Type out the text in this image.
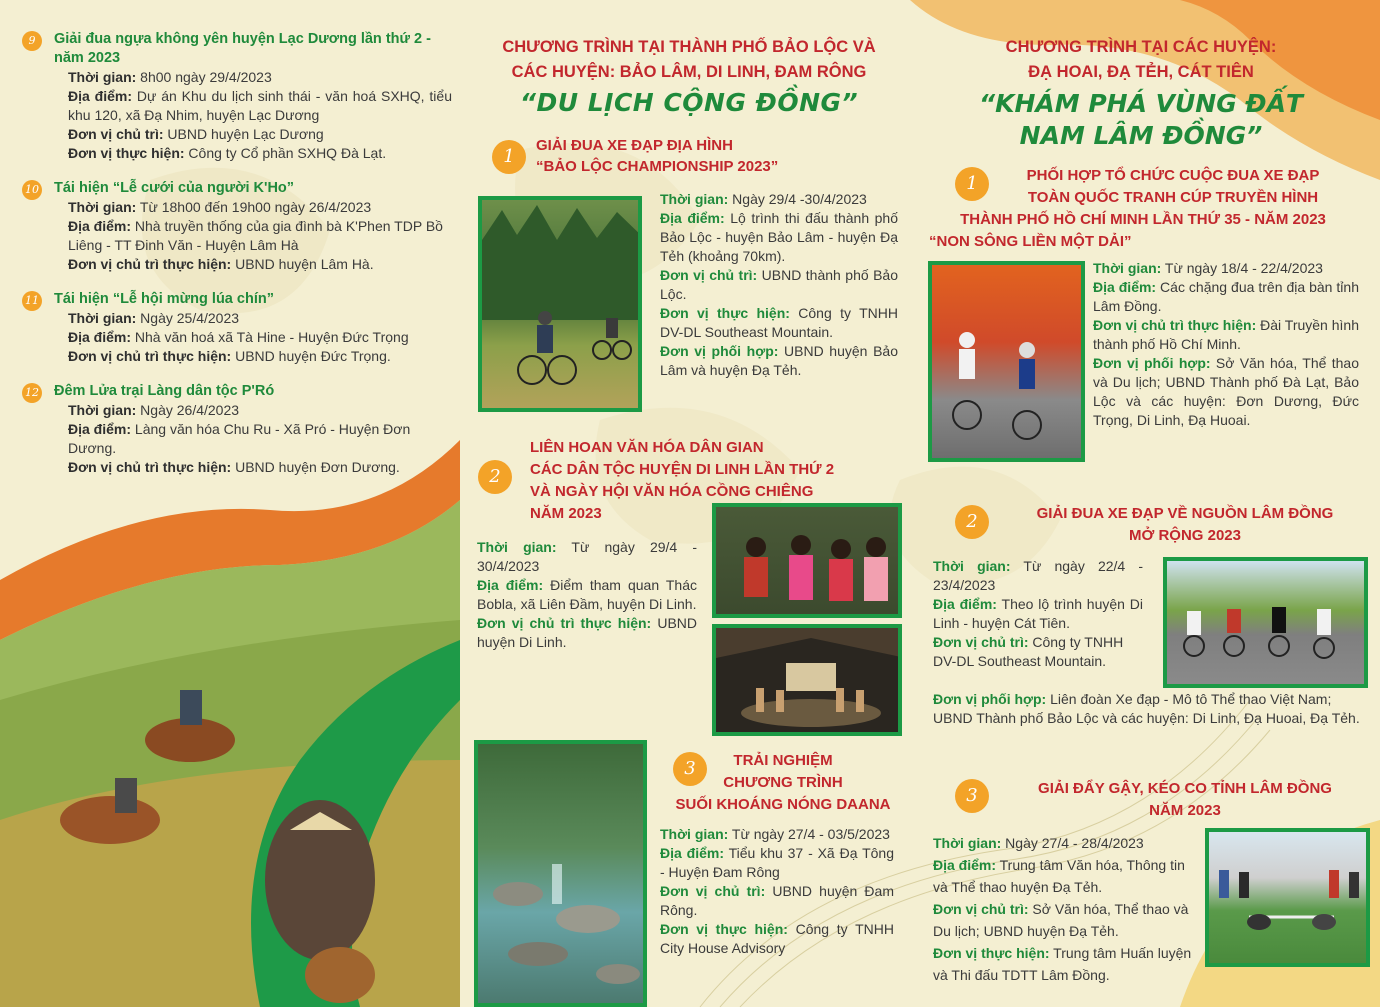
9	Giải đua ngựa không yên huyện Lạc Dương lần thứ 2 - năm 2023
Thời gian: 8h00 ngày 29/4/2023
Địa điểm: Dự án Khu du lịch sinh thái - văn hoá SXHQ, tiểu khu 120, xã Đạ Nhim, huyện Lạc Dương
Đơn vị chủ trì: UBND huyện Lạc Dương
Đơn vị thực hiện: Công ty Cổ phần SXHQ Đà Lạt.
10	Tái hiện “Lễ cưới của người K'Ho”
Thời gian: Từ 18h00 đến 19h00 ngày 26/4/2023
Địa điểm: Nhà truyền thống của gia đình bà K'Phen TDP Bồ Liêng - TT Đinh Văn - Huyện Lâm Hà
Đơn vị chủ trì thực hiện: UBND huyện Lâm Hà.
11	Tái hiện “Lễ hội mừng lúa chín”
Thời gian: Ngày 25/4/2023
Địa điểm: Nhà văn hoá xã Tà Hine - Huyện Đức Trọng
Đơn vị chủ trì thực hiện: UBND huyện Đức Trọng.
12	Đêm Lửa trại Làng dân tộc P'Ró
Thời gian: Ngày 26/4/2023
Địa điểm: Làng văn hóa Chu Ru - Xã Pró - Huyện Đơn Dương.
Đơn vị chủ trì thực hiện: UBND huyện Đơn Dương.
CHƯƠNG TRÌNH TẠI THÀNH PHỐ BẢO LỘC VÀ
CÁC HUYỆN: BẢO LÂM, DI LINH, ĐAM RÔNG
“DU LỊCH CỘNG ĐỒNG”
1
GIẢI ĐUA XE ĐẠP ĐỊA HÌNH
“BẢO LỘC CHAMPIONSHIP 2023”
Thời gian: Ngày 29/4 -30/4/2023
Địa điểm: Lộ trình thi đấu thành phố Bảo Lộc - huyện Bảo Lâm - huyện Đạ Tẻh (khoảng 70km).
Đơn vị chủ trì: UBND thành phố Bảo Lộc.
Đơn vị thực hiện: Công ty TNHH DV-DL Southeast Mountain.
Đơn vị phối hợp: UBND huyện Bảo Lâm và huyện Đạ Tẻh.
2
LIÊN HOAN VĂN HÓA DÂN GIAN
CÁC DÂN TỘC HUYỆN DI LINH LẦN THỨ 2
VÀ NGÀY HỘI VĂN HÓA CỒNG CHIÊNG
NĂM 2023
Thời gian: Từ ngày 29/4 - 30/4/2023
Địa điểm: Điểm tham quan Thác Bobla, xã Liên Đầm, huyện Di Linh.
Đơn vị chủ trì thực hiện: UBND huyện Di Linh.
3	TRẢI NGHIỆM
CHƯƠNG TRÌNH
SUỐI KHOÁNG NÓNG DAANA
Thời gian: Từ ngày 27/4 - 03/5/2023
Địa điểm: Tiểu khu 37 - Xã Đạ Tông - Huyện Đam Rông
Đơn vị chủ trì: UBND huyện Đam Rông.
Đơn vị thực hiện: Công ty TNHH City House Advisory
CHƯƠNG TRÌNH TẠI CÁC HUYỆN:
ĐẠ HOAI, ĐẠ TẺH, CÁT TIÊN
“KHÁM PHÁ VÙNG ĐẤT
NAM LÂM ĐỒNG”
1	PHỐI HỢP TỔ CHỨC CUỘC ĐUA XE ĐẠP
TOÀN QUỐC TRANH CÚP TRUYỀN HÌNH
THÀNH PHỐ HỒ CHÍ MINH LẦN THỨ 35 - NĂM 2023
“NON SÔNG LIỀN MỘT DẢI”
Thời gian: Từ ngày 18/4 - 22/4/2023
Địa điểm: Các chặng đua trên địa bàn tỉnh Lâm Đồng.
Đơn vị chủ trì thực hiện: Đài Truyền hình thành phố Hồ Chí Minh.
Đơn vị phối hợp: Sở Văn hóa, Thể thao và Du lịch; UBND Thành phố Đà Lạt, Bảo Lộc và các huyện: Đơn Dương, Đức Trọng, Di Linh, Đạ Huoai.
2	GIẢI ĐUA XE ĐẠP VỀ NGUỒN LÂM ĐỒNG
MỞ RỘNG 2023
Thời gian: Từ ngày 22/4 - 23/4/2023
Địa điểm: Theo lộ trình huyện Di Linh - huyện Cát Tiên.
Đơn vị chủ trì: Công ty TNHH DV-DL Southeast Mountain.
Đơn vị phối hợp: Liên đoàn Xe đạp - Mô tô Thể thao Việt Nam; UBND Thành phố Bảo Lộc và các huyện: Di Linh, Đạ Huoai, Đạ Tẻh.
3	GIẢI ĐẨY GẬY, KÉO CO TỈNH LÂM ĐỒNG
NĂM 2023
Thời gian: Ngày 27/4 - 28/4/2023
Địa điểm: Trung tâm Văn hóa, Thông tin và Thể thao huyện Đạ Tẻh.
Đơn vị chủ trì: Sở Văn hóa, Thể thao và Du lịch; UBND huyện Đạ Tẻh.
Đơn vị thực hiện: Trung tâm Huấn luyện và Thi đấu TDTT Lâm Đồng.
